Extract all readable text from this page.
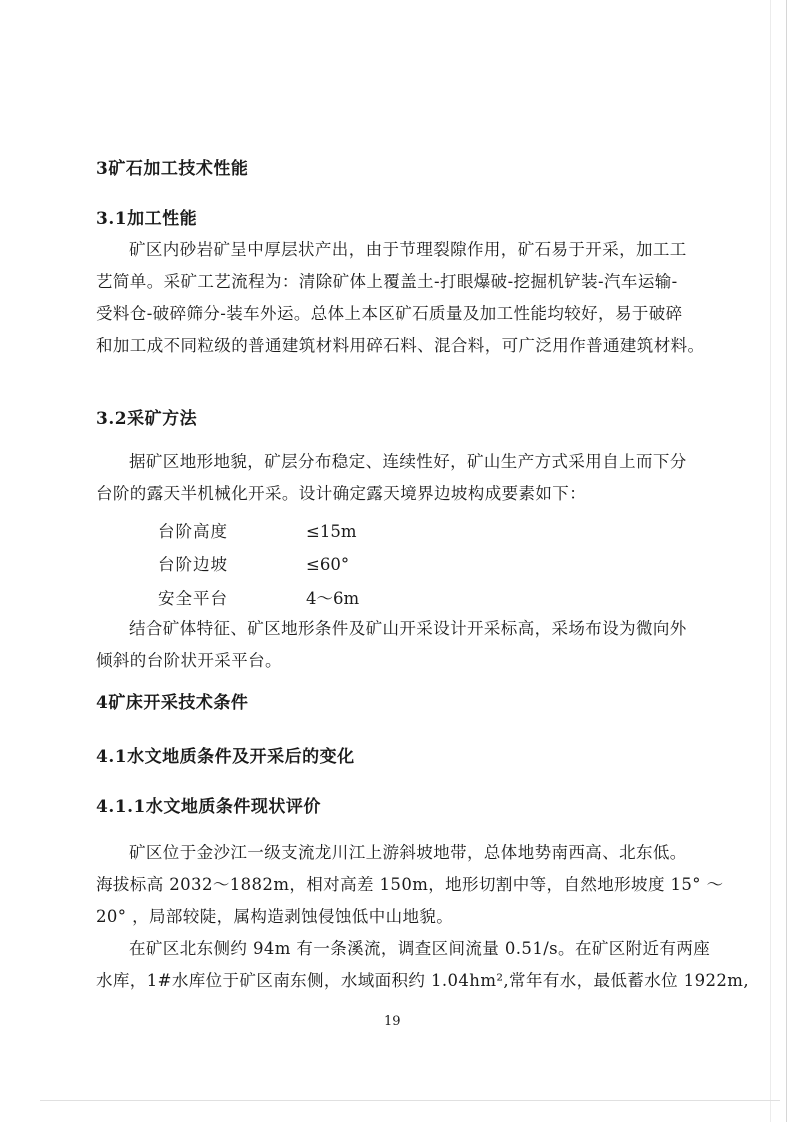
3矿石加工技术性能
3.1加工性能
矿区内砂岩矿呈中厚层状产出，由于节理裂隙作用，矿石易于开采，加工工
艺简单。采矿工艺流程为：清除矿体上覆盖土-打眼爆破-挖掘机铲装-汽车运输-
受料仓-破碎筛分-装车外运。总体上本区矿石质量及加工性能均较好，易于破碎
和加工成不同粒级的普通建筑材料用碎石料、混合料，可广泛用作普通建筑材料。
3.2采矿方法
据矿区地形地貌，矿层分布稳定、连续性好，矿山生产方式采用自上而下分
台阶的露天半机械化开采。设计确定露天境界边坡构成要素如下：
台阶高度	≤15m
台阶边坡	≤60°
安全平台	4～6m
结合矿体特征、矿区地形条件及矿山开采设计开采标高，采场布设为微向外
倾斜的台阶状开采平台。
4矿床开采技术条件
4.1水文地质条件及开采后的变化
4.1.1水文地质条件现状评价
矿区位于金沙江一级支流龙川江上游斜坡地带，总体地势南西高、北东低。
海拔标高 2032～1882m，相对高差 150m，地形切割中等，自然地形坡度 15° ～
20° ，局部较陡，属构造剥蚀侵蚀低中山地貌。
在矿区北东侧约 94m 有一条溪流，调查区间流量 0.51/s。在矿区附近有两座
水库，1#水库位于矿区南东侧，水域面积约 1.04hm²,常年有水，最低蓄水位 1922m,
19
